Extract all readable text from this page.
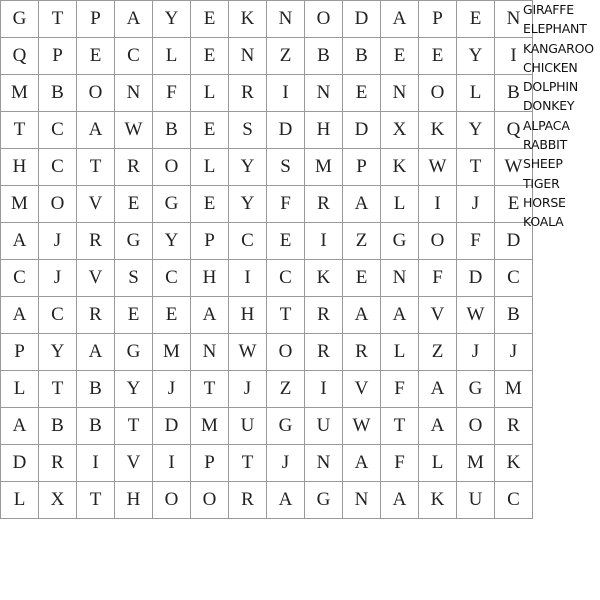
G	T	P	A	Y	E	K	N	O	D	A	P	E	N
Q	P	E	C	L	E	N	Z	B	B	E	E	Y	I
M	B	O	N	F	L	R	I	N	E	N	O	L	B
T	C	A	W	B	E	S	D	H	D	X	K	Y	Q
H	C	T	R	O	L	Y	S	M	P	K	W	T	W
M	O	V	E	G	E	Y	F	R	A	L	I	J	E
A	J	R	G	Y	P	C	E	I	Z	G	O	F	D
C	J	V	S	C	H	I	C	K	E	N	F	D	C
A	C	R	E	E	A	H	T	R	A	A	V	W	B
P	Y	A	G	M	N	W	O	R	R	L	Z	J	J
L	T	B	Y	J	T	J	Z	I	V	F	A	G	M
A	B	B	T	D	M	U	G	U	W	T	A	O	R
D	R	I	V	I	P	T	J	N	A	F	L	M	K
L	X	T	H	O	O	R	A	G	N	A	K	U	C
GIRAFFE
ELEPHANT
KANGAROO
CHICKEN
DOLPHIN
DONKEY
ALPACA
RABBIT
SHEEP
TIGER
HORSE
KOALA
